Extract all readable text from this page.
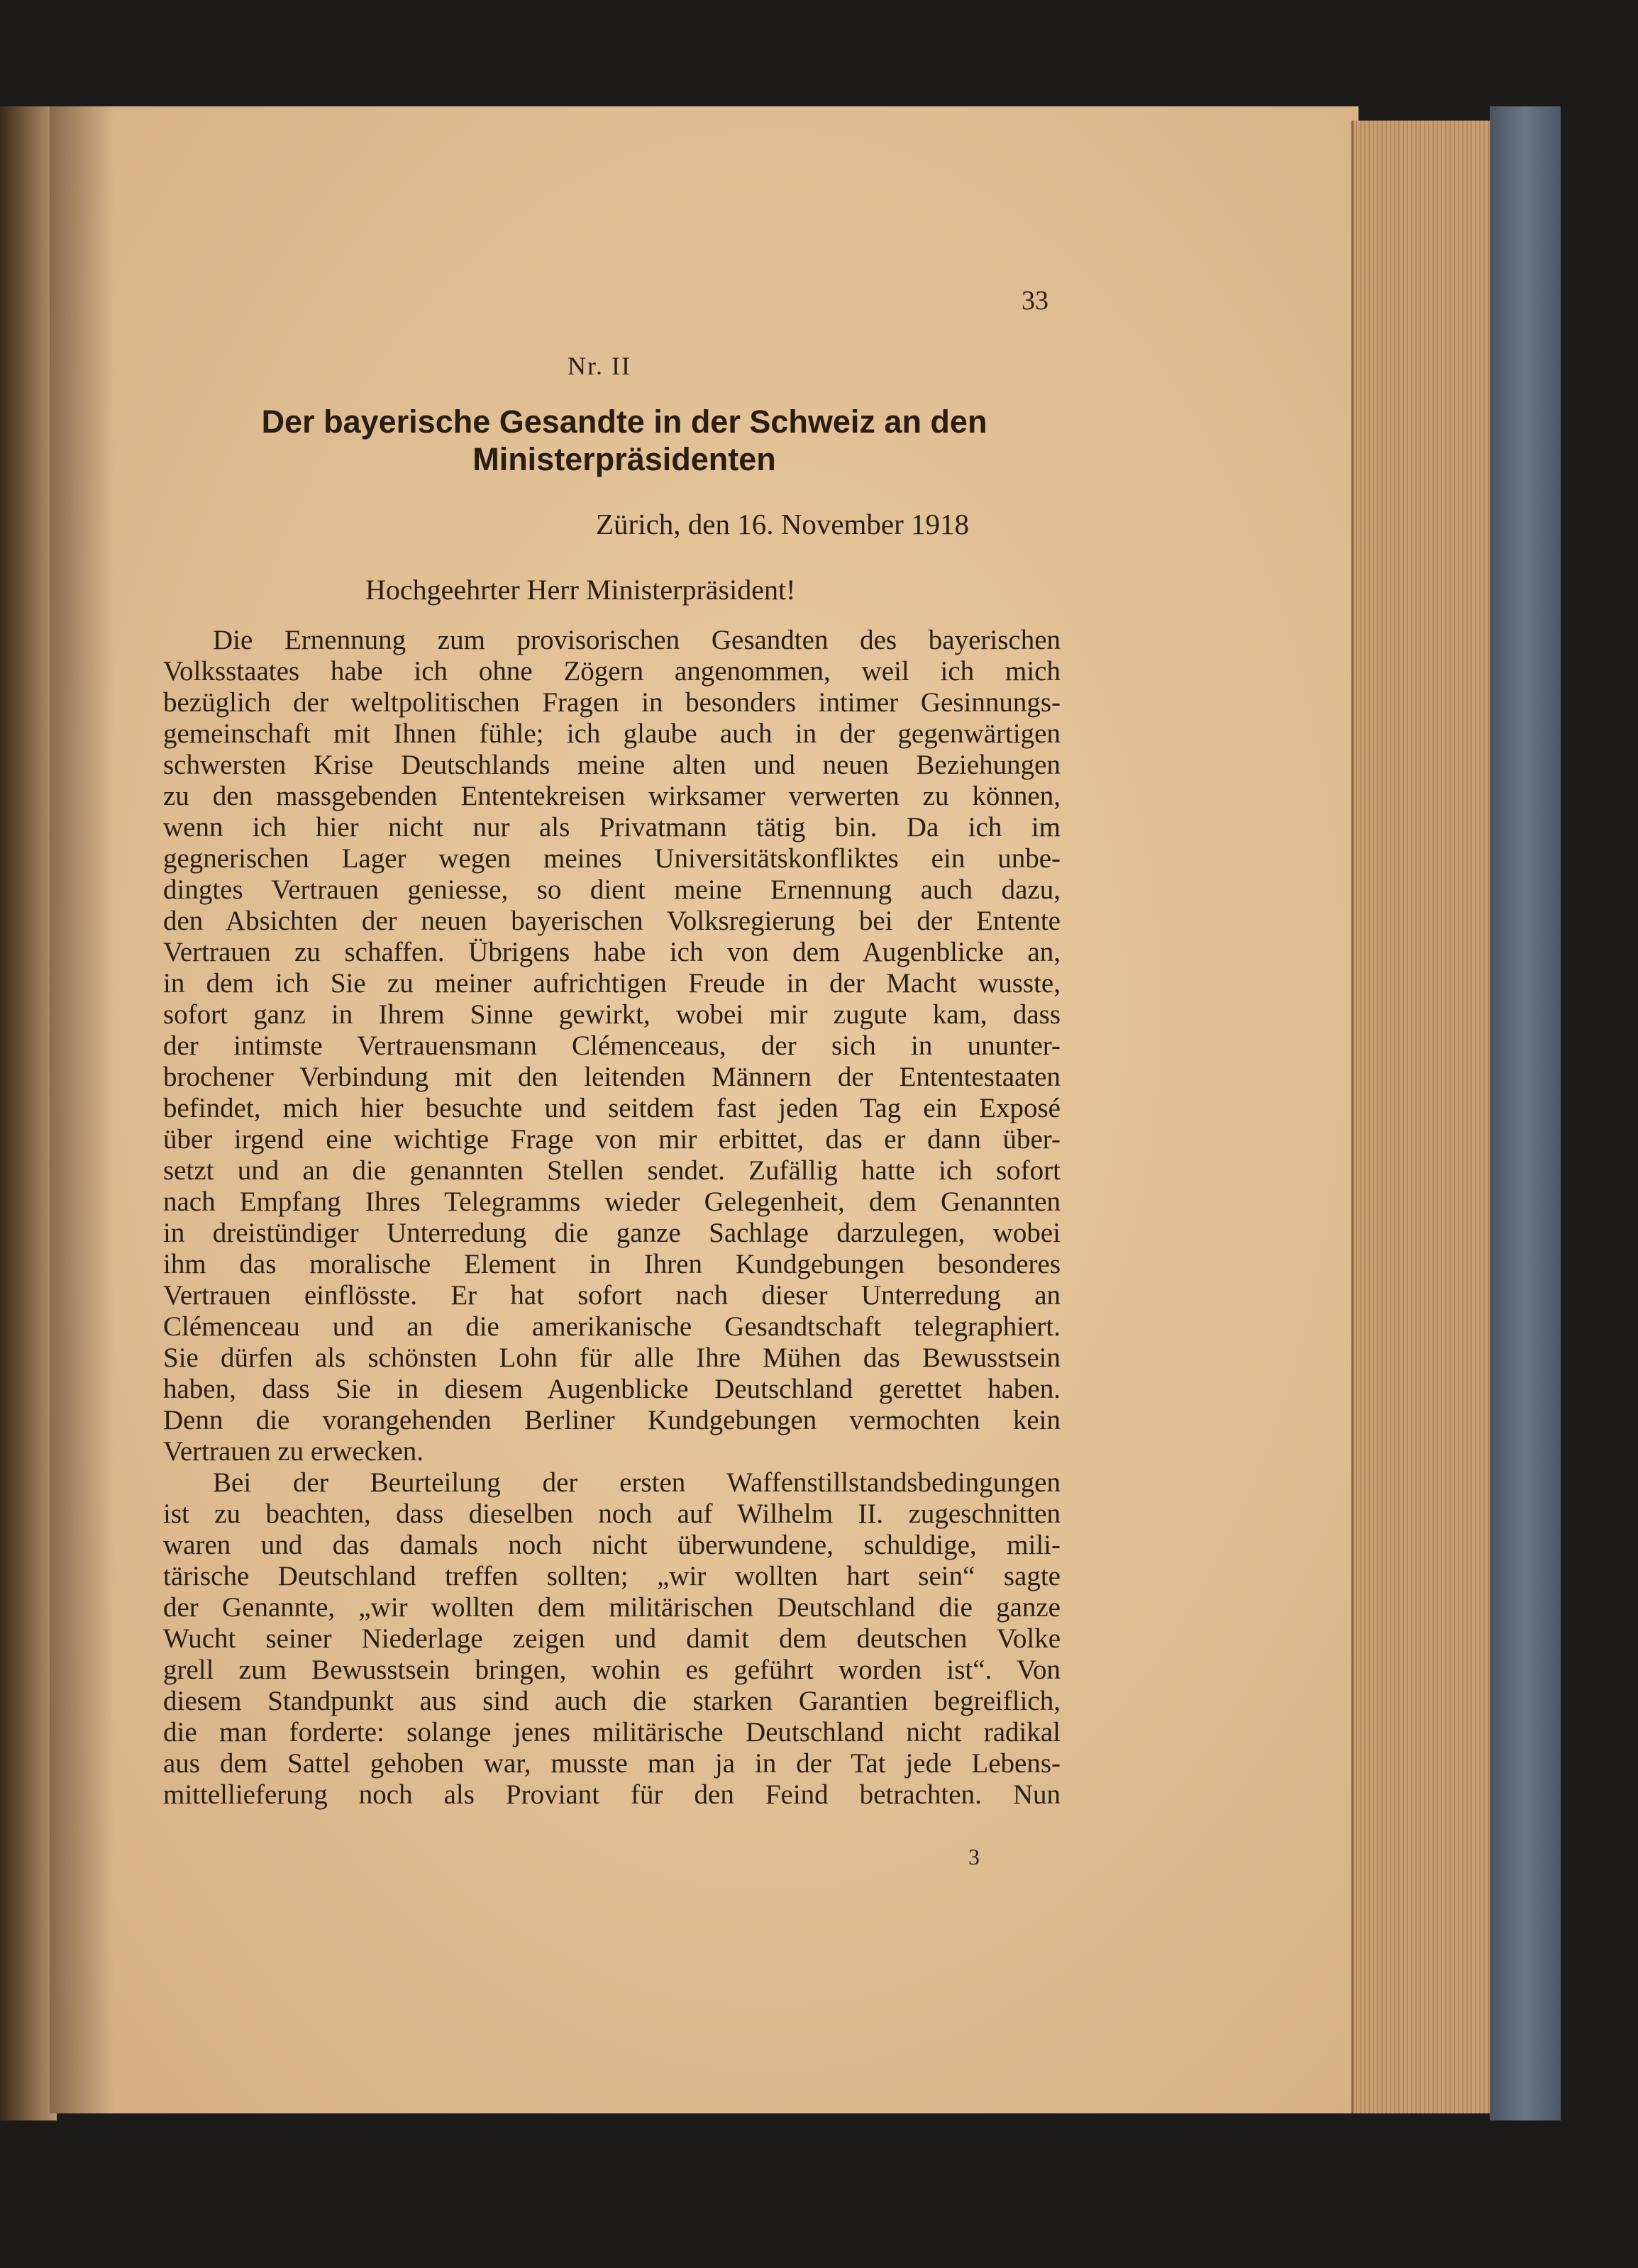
33
Nr. II
Der bayerische Gesandte in der Schweiz an den Ministerpräsidenten
Zürich, den 16. November 1918
Hochgeehrter Herr Ministerpräsident!
Die Ernennung zum provisorischen Gesandten des bayerischen
Volksstaates habe ich ohne Zögern angenommen, weil ich mich
bezüglich der weltpolitischen Fragen in besonders intimer Gesinnungs-
gemeinschaft mit Ihnen fühle; ich glaube auch in der gegenwärtigen
schwersten Krise Deutschlands meine alten und neuen Beziehungen
zu den massgebenden Ententekreisen wirksamer verwerten zu können,
wenn ich hier nicht nur als Privatmann tätig bin. Da ich im
gegnerischen Lager wegen meines Universitätskonfliktes ein unbe-
dingtes Vertrauen geniesse, so dient meine Ernennung auch dazu,
den Absichten der neuen bayerischen Volksregierung bei der Entente
Vertrauen zu schaffen. Übrigens habe ich von dem Augenblicke an,
in dem ich Sie zu meiner aufrichtigen Freude in der Macht wusste,
sofort ganz in Ihrem Sinne gewirkt, wobei mir zugute kam, dass
der intimste Vertrauensmann Clémenceaus, der sich in ununter-
brochener Verbindung mit den leitenden Männern der Ententestaaten
befindet, mich hier besuchte und seitdem fast jeden Tag ein Exposé
über irgend eine wichtige Frage von mir erbittet, das er dann über-
setzt und an die genannten Stellen sendet. Zufällig hatte ich sofort
nach Empfang Ihres Telegramms wieder Gelegenheit, dem Genannten
in dreistündiger Unterredung die ganze Sachlage darzulegen, wobei
ihm das moralische Element in Ihren Kundgebungen besonderes
Vertrauen einflösste. Er hat sofort nach dieser Unterredung an
Clémenceau und an die amerikanische Gesandtschaft telegraphiert.
Sie dürfen als schönsten Lohn für alle Ihre Mühen das Bewusstsein
haben, dass Sie in diesem Augenblicke Deutschland gerettet haben.
Denn die vorangehenden Berliner Kundgebungen vermochten kein
Vertrauen zu erwecken.
Bei der Beurteilung der ersten Waffenstillstandsbedingungen
ist zu beachten, dass dieselben noch auf Wilhelm II. zugeschnitten
waren und das damals noch nicht überwundene, schuldige, mili-
tärische Deutschland treffen sollten; „wir wollten hart sein“ sagte
der Genannte, „wir wollten dem militärischen Deutschland die ganze
Wucht seiner Niederlage zeigen und damit dem deutschen Volke
grell zum Bewusstsein bringen, wohin es geführt worden ist“. Von
diesem Standpunkt aus sind auch die starken Garantien begreiflich,
die man forderte: solange jenes militärische Deutschland nicht radikal
aus dem Sattel gehoben war, musste man ja in der Tat jede Lebens-
mittellieferung noch als Proviant für den Feind betrachten. Nun
3
